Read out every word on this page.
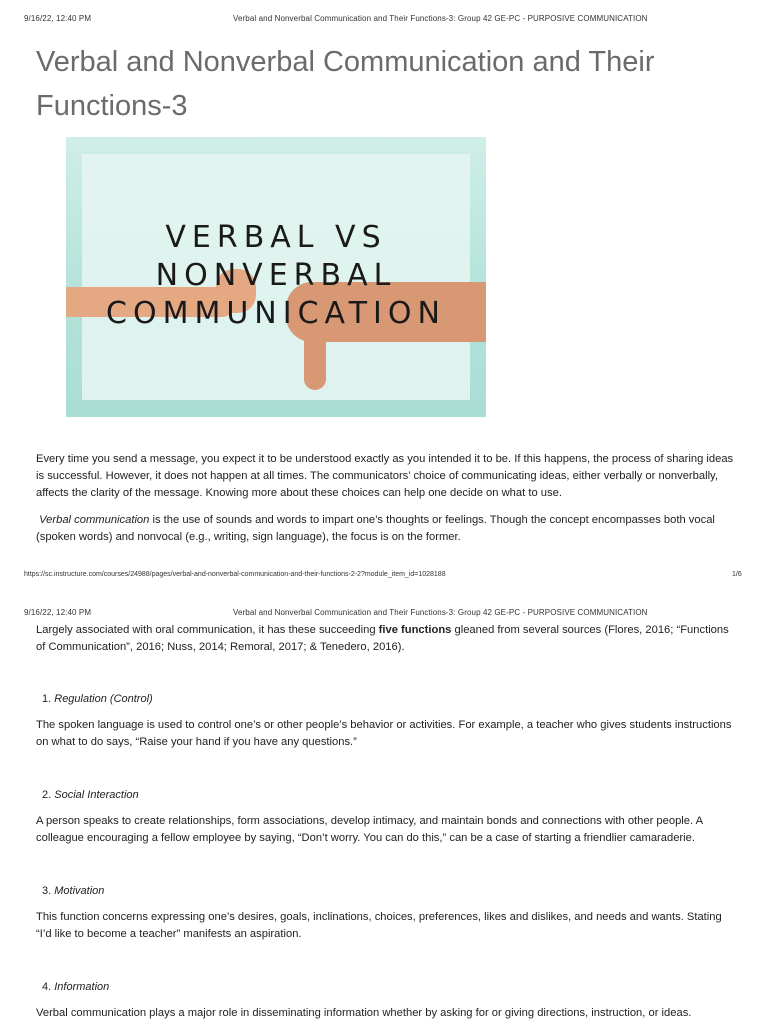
9/16/22, 12:40 PM	Verbal and Nonverbal Communication and Their Functions-3: Group 42 GE-PC - PURPOSIVE COMMUNICATION
Verbal and Nonverbal Communication and Their Functions-3
VERBAL VS
NONVERBAL
COMMUNICATION
Every time you send a message, you expect it to be understood exactly as you intended it to be. If this happens, the process of sharing ideas is successful. However, it does not happen at all times. The communicators’ choice of communicating ideas, either verbally or nonverbally, affects the clarity of the message. Knowing more about these choices can help one decide on what to use.
Verbal communication is the use of sounds and words to impart one’s thoughts or feelings. Though the concept encompasses both vocal (spoken words) and nonvocal (e.g., writing, sign language), the focus is on the former.
https://sc.instructure.com/courses/24988/pages/verbal-and-nonverbal-communication-and-their-functions-2-2?module_item_id=1028188	1/6
9/16/22, 12:40 PM	Verbal and Nonverbal Communication and Their Functions-3: Group 42 GE-PC - PURPOSIVE COMMUNICATION
Largely associated with oral communication, it has these succeeding five functions gleaned from several sources (Flores, 2016; “Functions of Communication”, 2016; Nuss, 2014; Remoral, 2017; & Tenedero, 2016).
1. Regulation (Control)
The spoken language is used to control one’s or other people’s behavior or activities. For example, a teacher who gives students instructions on what to do says, “Raise your hand if you have any questions.”
2. Social Interaction
A person speaks to create relationships, form associations, develop intimacy, and maintain bonds and connections with other people. A colleague encouraging a fellow employee by saying, “Don’t worry. You can do this,” can be a case of starting a friendlier camaraderie.
3. Motivation
This function concerns expressing one’s desires, goals, inclinations, choices, preferences, likes and dislikes, and needs and wants. Stating “I’d like to become a teacher” manifests an aspiration.
4. Information
Verbal communication plays a major role in disseminating information whether by asking for or giving directions, instruction, or ideas.
